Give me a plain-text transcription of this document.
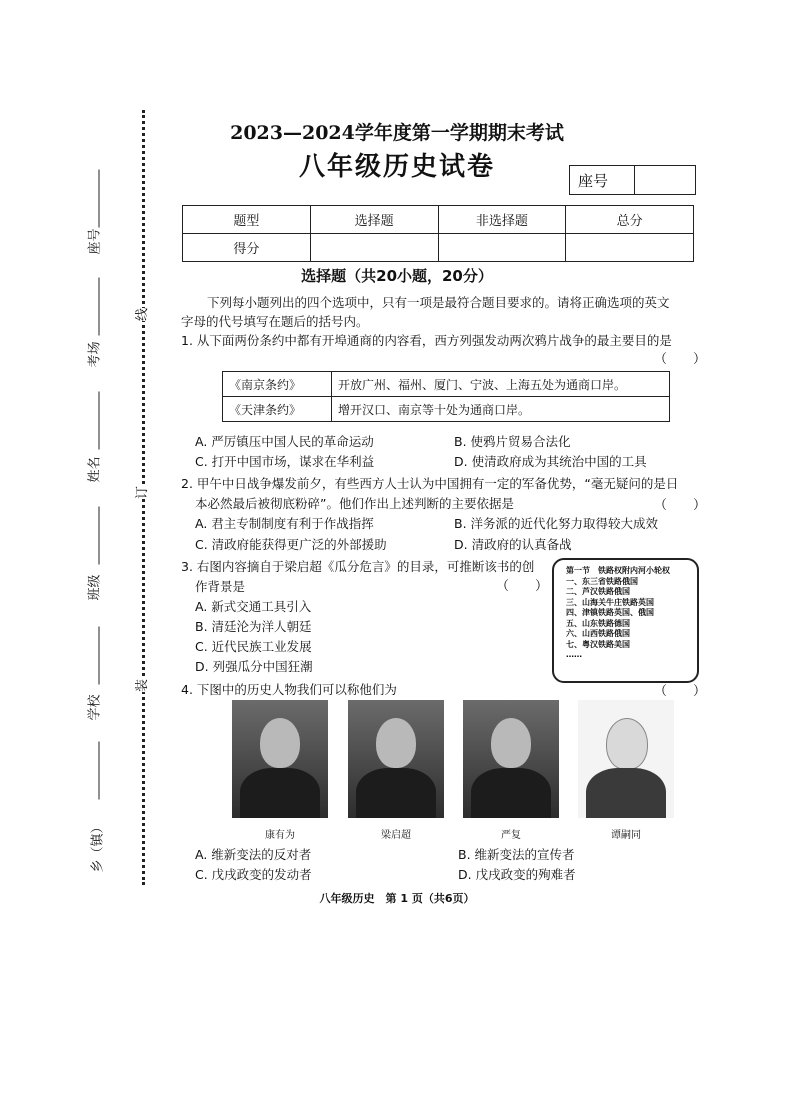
座号
考场
姓名
班级
学校
乡（镇）
线
订
装
2023—2024学年度第一学期期末考试
八年级历史试卷	座号	
题型	选择题	非选择题	总分
得分			
选择题（共20小题，20分）
下列每小题列出的四个选项中，只有一项是最符合题目要求的。请将正确选项的英文
字母的代号填写在题后的括号内。
1. 从下面两份条约中都有开埠通商的内容看，西方列强发动两次鸦片战争的最主要目的是
（　　）
《南京条约》	开放广州、福州、厦门、宁波、上海五处为通商口岸。
《天津条约》	增开汉口、南京等十处为通商口岸。
A. 严厉镇压中国人民的革命运动	B. 使鸦片贸易合法化
C. 打开中国市场，谋求在华利益	D. 使清政府成为其统治中国的工具
2. 甲午中日战争爆发前夕，有些西方人士认为中国拥有一定的军备优势，“毫无疑问的是日
本必然最后被彻底粉碎”。他们作出上述判断的主要依据是	（　　）
A. 君主专制制度有利于作战指挥	B. 洋务派的近代化努力取得较大成效
C. 清政府能获得更广泛的外部援助	D. 清政府的认真备战
3. 右图内容摘自于梁启超《瓜分危言》的目录，可推断该书的创
作背景是	（　　）
A. 新式交通工具引入
B. 清廷沦为洋人朝廷
C. 近代民族工业发展
D. 列强瓜分中国狂潮
第一节　铁路权附内河小轮权
一、东三省铁路俄国
二、芦汉铁路俄国
三、山海关牛庄铁路英国
四、津镇铁路英国、俄国
五、山东铁路德国
六、山西铁路俄国
七、粤汉铁路美国
……
4. 下图中的历史人物我们可以称他们为	（　　）
康有为	梁启超	严复	谭嗣同
A. 维新变法的反对者	B. 维新变法的宣传者
C. 戊戌政变的发动者	D. 戊戌政变的殉难者
八年级历史　第 1 页（共6页）
